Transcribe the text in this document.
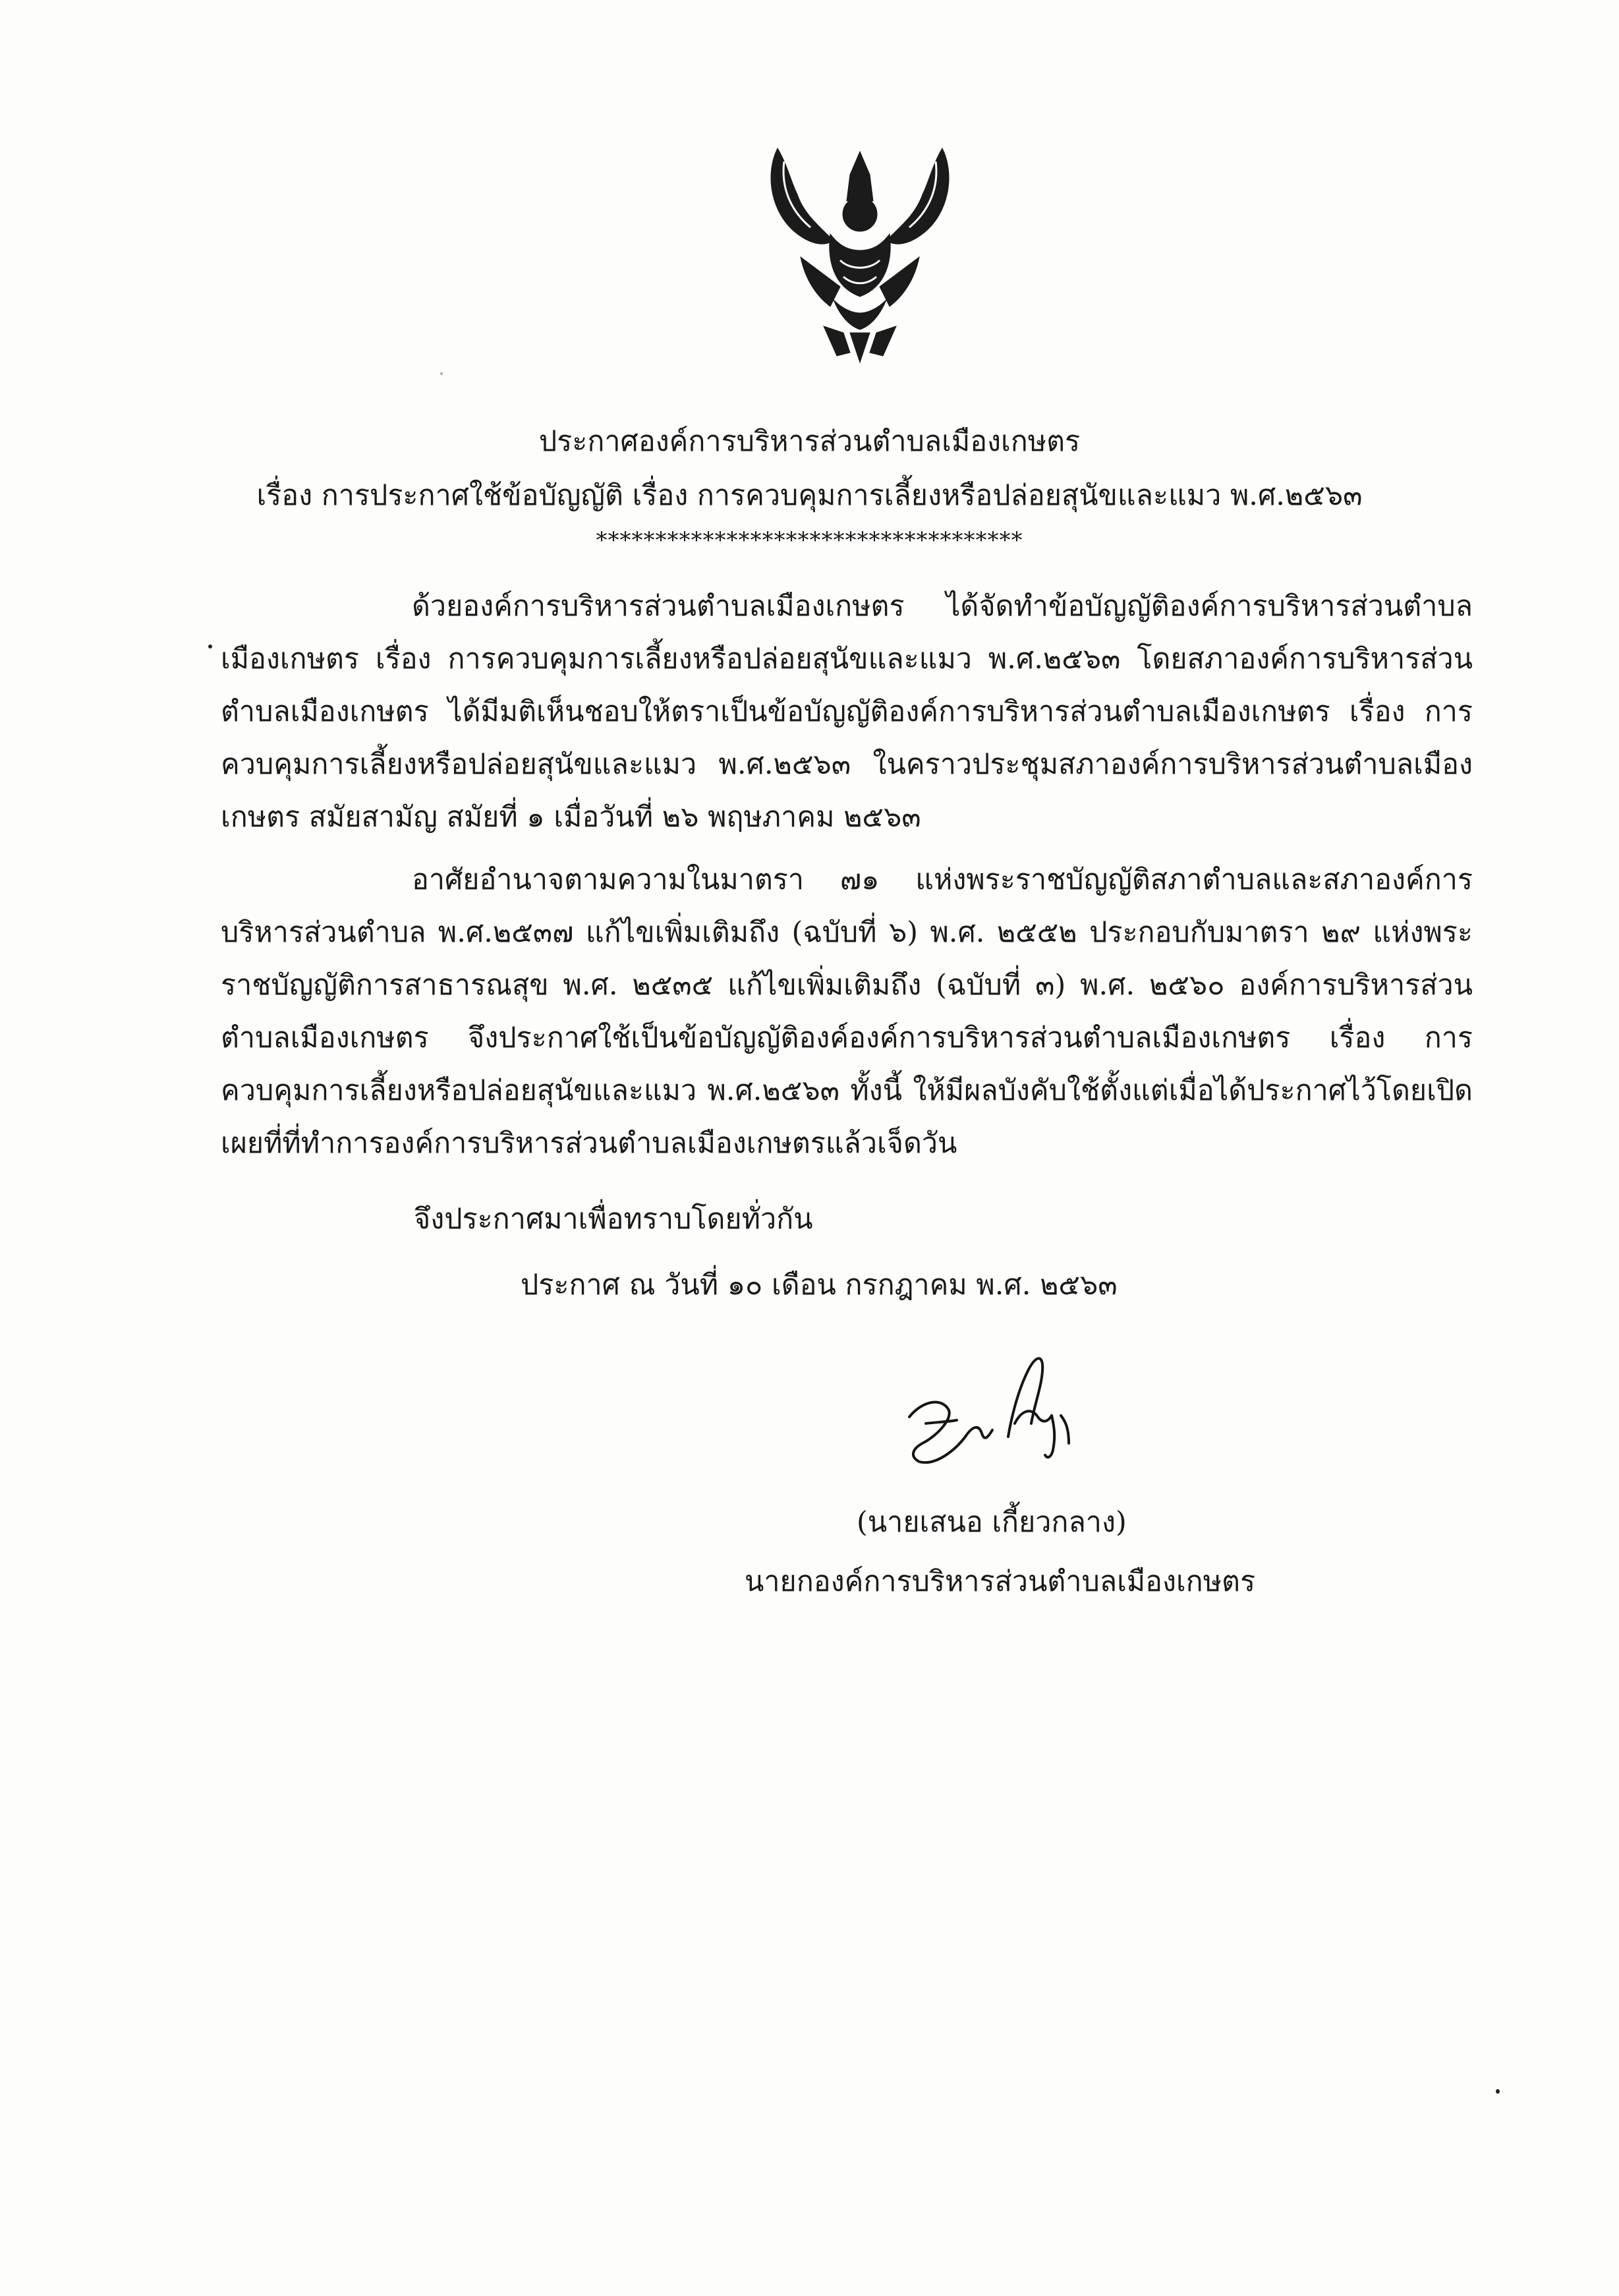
ประกาศองค์การบริหารส่วนตำบลเมืองเกษตร
เรื่อง การประกาศใช้ข้อบัญญัติ เรื่อง การควบคุมการเลี้ยงหรือปล่อยสุนัขและแมว พ.ศ.๒๕๖๓
************************************
ด้วยองค์การบริหารส่วนตำบลเมืองเกษตร ได้จัดทำข้อบัญญัติองค์การบริหารส่วนตำบลเมืองเกษตร เรื่อง การควบคุมการเลี้ยงหรือปล่อยสุนัขและแมว พ.ศ.๒๕๖๓ โดยสภาองค์การบริหารส่วนตำบลเมืองเกษตร ได้มีมติเห็นชอบให้ตราเป็นข้อบัญญัติองค์การบริหารส่วนตำบลเมืองเกษตร เรื่อง การควบคุมการเลี้ยงหรือปล่อยสุนัขและแมว พ.ศ.๒๕๖๓ ในคราวประชุมสภาองค์การบริหารส่วนตำบลเมืองเกษตร สมัยสามัญ สมัยที่ ๑ เมื่อวันที่ ๒๖ พฤษภาคม ๒๕๖๓
อาศัยอำนาจตามความในมาตรา ๗๑ แห่งพระราชบัญญัติสภาตำบลและสภาองค์การบริหารส่วนตำบล พ.ศ.๒๕๓๗ แก้ไขเพิ่มเติมถึง (ฉบับที่ ๖) พ.ศ. ๒๕๕๒ ประกอบกับมาตรา ๒๙ แห่งพระราชบัญญัติการสาธารณสุข พ.ศ. ๒๕๓๕ แก้ไขเพิ่มเติมถึง (ฉบับที่ ๓) พ.ศ. ๒๕๖๐ องค์การบริหารส่วนตำบลเมืองเกษตร จึงประกาศใช้เป็นข้อบัญญัติองค์องค์การบริหารส่วนตำบลเมืองเกษตร เรื่อง การควบคุมการเลี้ยงหรือปล่อยสุนัขและแมว พ.ศ.๒๕๖๓ ทั้งนี้ ให้มีผลบังคับใช้ตั้งแต่เมื่อได้ประกาศไว้โดยเปิดเผยที่ที่ทำการองค์การบริหารส่วนตำบลเมืองเกษตรแล้วเจ็ดวัน
จึงประกาศมาเพื่อทราบโดยทั่วกัน
ประกาศ ณ วันที่ ๑๐ เดือน กรกฎาคม พ.ศ. ๒๕๖๓
(นายเสนอ เกี้ยวกลาง)
นายกองค์การบริหารส่วนตำบลเมืองเกษตร
